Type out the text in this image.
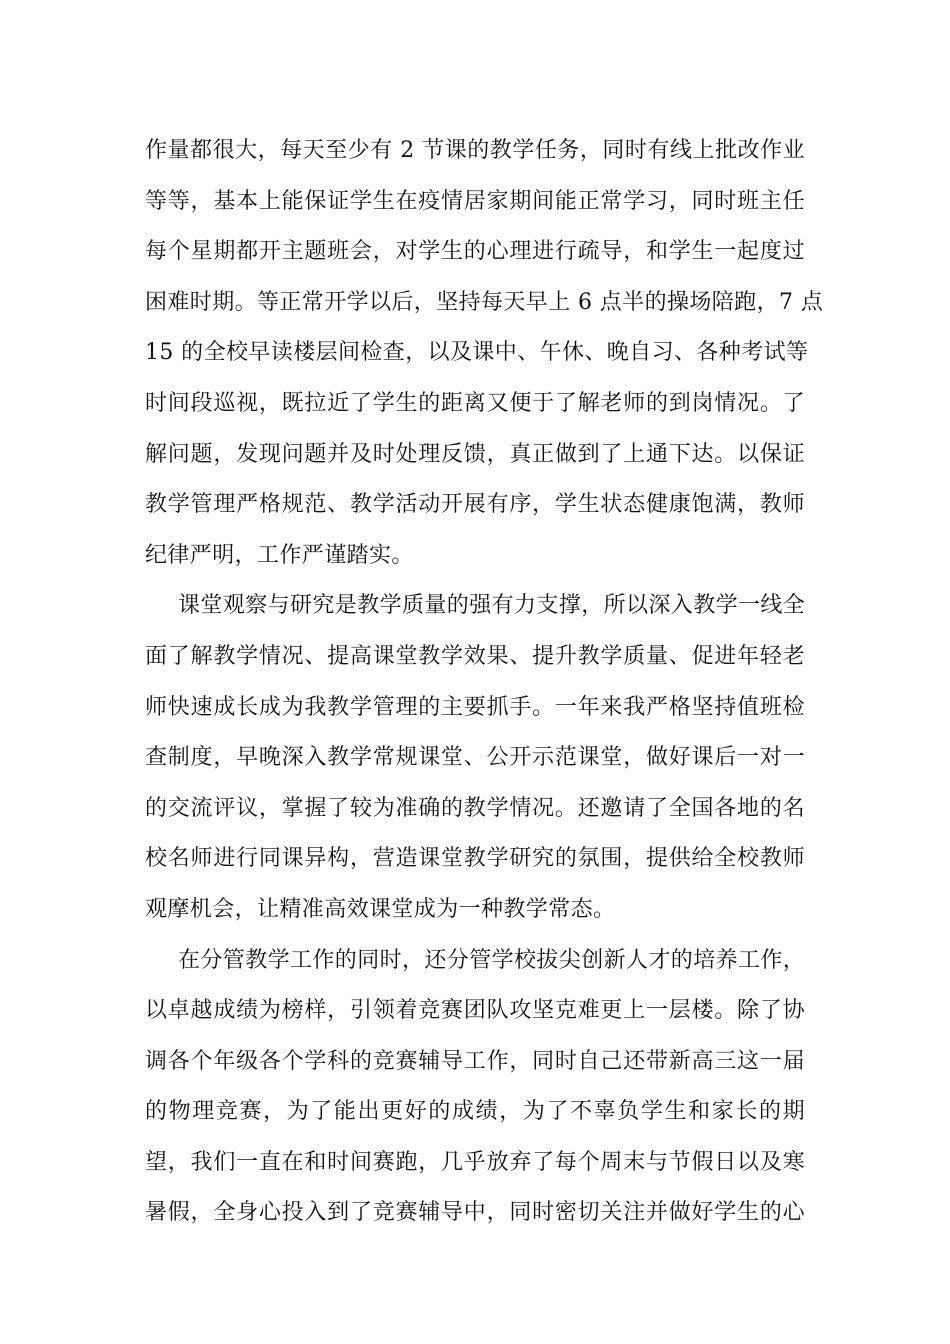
作量都很大，每天至少有 2 节课的教学任务，同时有线上批改作业
等等，基本上能保证学生在疫情居家期间能正常学习，同时班主任
每个星期都开主题班会，对学生的心理进行疏导，和学生一起度过
困难时期。等正常开学以后，坚持每天早上 6 点半的操场陪跑，7 点
15 的全校早读楼层间检查，以及课中、午休、晚自习、各种考试等
时间段巡视，既拉近了学生的距离又便于了解老师的到岗情况。了
解问题，发现问题并及时处理反馈，真正做到了上通下达。以保证
教学管理严格规范、教学活动开展有序，学生状态健康饱满，教师
纪律严明，工作严谨踏实。
课堂观察与研究是教学质量的强有力支撑，所以深入教学一线全
面了解教学情况、提高课堂教学效果、提升教学质量、促进年轻老
师快速成长成为我教学管理的主要抓手。一年来我严格坚持值班检
查制度，早晚深入教学常规课堂、公开示范课堂，做好课后一对一
的交流评议，掌握了较为准确的教学情况。还邀请了全国各地的名
校名师进行同课异构，营造课堂教学研究的氛围，提供给全校教师
观摩机会，让精准高效课堂成为一种教学常态。
在分管教学工作的同时，还分管学校拔尖创新人才的培养工作，
以卓越成绩为榜样，引领着竞赛团队攻坚克难更上一层楼。除了协
调各个年级各个学科的竞赛辅导工作，同时自己还带新高三这一届
的物理竞赛，为了能出更好的成绩，为了不辜负学生和家长的期
望，我们一直在和时间赛跑，几乎放弃了每个周末与节假日以及寒
暑假，全身心投入到了竞赛辅导中，同时密切关注并做好学生的心
